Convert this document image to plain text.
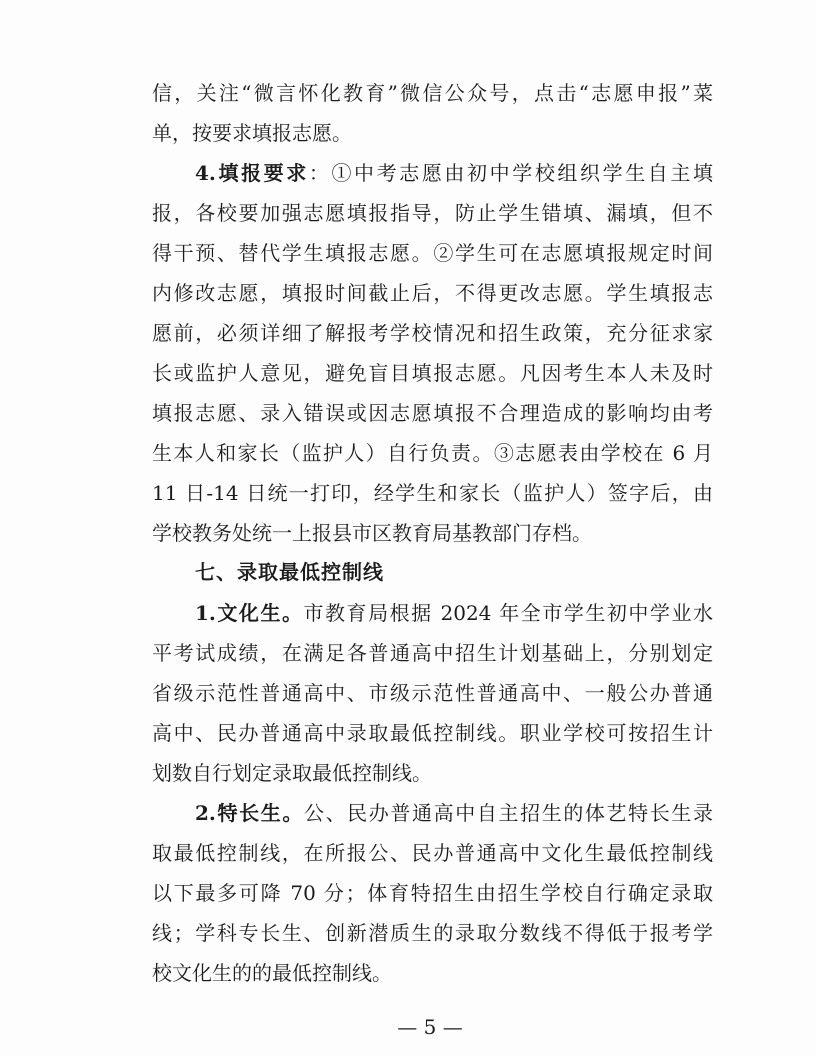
信，关注“微言怀化教育”微信公众号，点击“志愿申报”菜
单，按要求填报志愿。
4.填报要求：①中考志愿由初中学校组织学生自主填
报，各校要加强志愿填报指导，防止学生错填、漏填，但不
得干预、替代学生填报志愿。②学生可在志愿填报规定时间
内修改志愿，填报时间截止后，不得更改志愿。学生填报志
愿前，必须详细了解报考学校情况和招生政策，充分征求家
长或监护人意见，避免盲目填报志愿。凡因考生本人未及时
填报志愿、录入错误或因志愿填报不合理造成的影响均由考
生本人和家长（监护人）自行负责。③志愿表由学校在 6 月
11 日-14 日统一打印，经学生和家长（监护人）签字后，由
学校教务处统一上报县市区教育局基教部门存档。
七、录取最低控制线
1.文化生。市教育局根据 2024 年全市学生初中学业水
平考试成绩，在满足各普通高中招生计划基础上，分别划定
省级示范性普通高中、市级示范性普通高中、一般公办普通
高中、民办普通高中录取最低控制线。职业学校可按招生计
划数自行划定录取最低控制线。
2.特长生。公、民办普通高中自主招生的体艺特长生录
取最低控制线，在所报公、民办普通高中文化生最低控制线
以下最多可降 70 分；体育特招生由招生学校自行确定录取
线；学科专长生、创新潜质生的录取分数线不得低于报考学
校文化生的的最低控制线。
— 5 —
